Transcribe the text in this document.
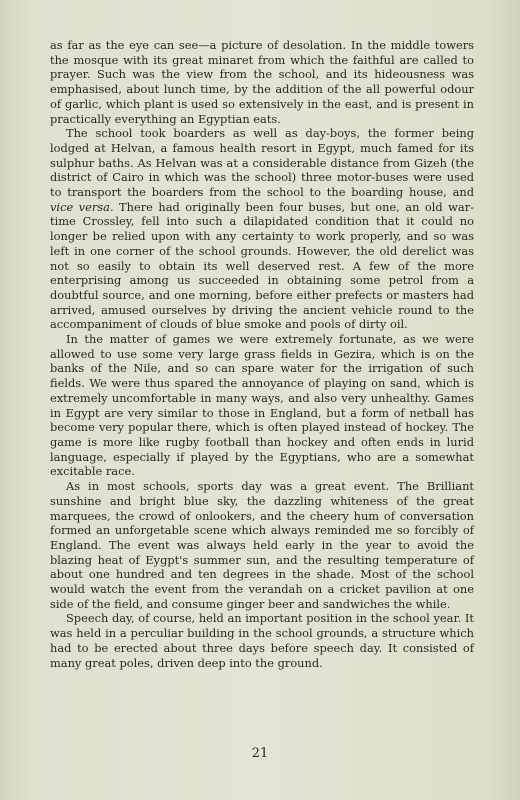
as far as the eye can see—a picture of desolation. In the middle towers the mosque with its great minaret from which the faithful are called to prayer. Such was the view from the school, and its hideousness was emphasised, about lunch time, by the addition of the all powerful odour of garlic, which plant is used so extensively in the east, and is present in practically everything an Egyptian eats.

The school took boarders as well as day-boys, the former being lodged at Helvan, a famous health resort in Egypt, much famed for its sulphur baths. As Helvan was at a considerable distance from Gizeh (the district of Cairo in which was the school) three motor-buses were used to transport the boarders from the school to the boarding house, and vice versa. There had originally been four buses, but one, an old war-time Crossley, fell into such a dilapidated condition that it could no longer be relied upon with any certainty to work properly, and so was left in one corner of the school grounds. However, the old derelict was not so easily to obtain its well deserved rest. A few of the more enterprising among us succeeded in obtaining some petrol from a doubtful source, and one morning, before either prefects or masters had arrived, amused ourselves by driving the ancient vehicle round to the accompaniment of clouds of blue smoke and pools of dirty oil.

In the matter of games we were extremely fortunate, as we were allowed to use some very large grass fields in Gezira, which is on the banks of the Nile, and so can spare water for the irrigation of such fields. We were thus spared the annoyance of playing on sand, which is extremely uncomfortable in many ways, and also very unhealthy. Games in Egypt are very similar to those in England, but a form of netball has become very popular there, which is often played instead of hockey. The game is more like rugby football than hockey and often ends in lurid language, especially if played by the Egyptians, who are a somewhat excitable race.

As in most schools, sports day was a great event. The Brilliant sunshine and bright blue sky, the dazzling whiteness of the great marquees, the crowd of onlookers, and the cheery hum of conversation formed an unforgetable scene which always reminded me so forcibly of England. The event was always held early in the year to avoid the blazing heat of Eygpt's summer sun, and the resulting temperature of about one hundred and ten degrees in the shade. Most of the school would watch the event from the verandah on a cricket pavilion at one side of the field, and consume ginger beer and sandwiches the while.

Speech day, of course, held an important position in the school year. It was held in a perculiar building in the school grounds, a structure which had to be erected about three days before speech day. It consisted of many great poles, driven deep into the ground.

21
